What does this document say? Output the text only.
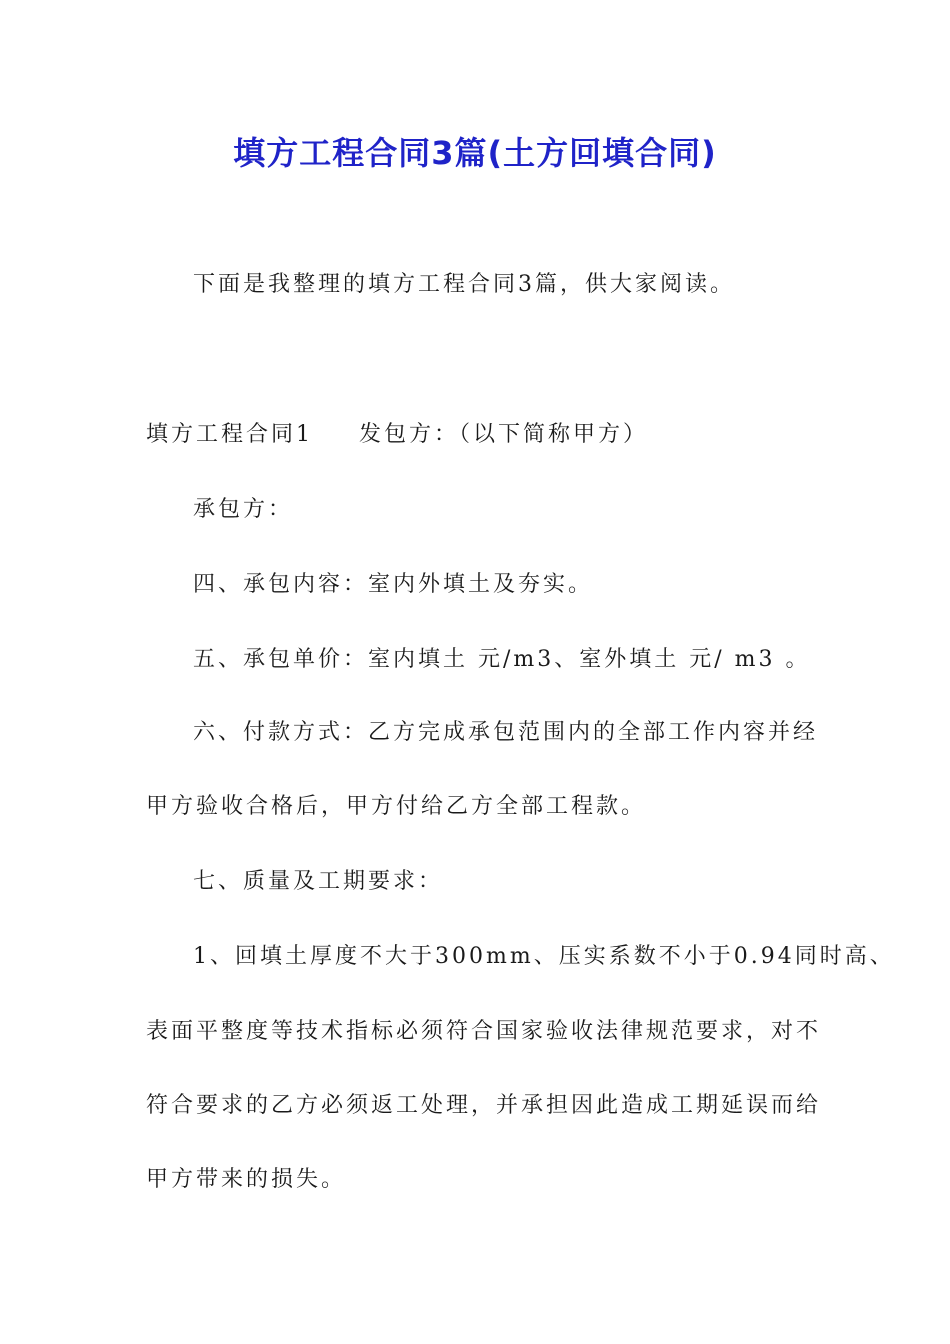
填方工程合同3篇(土方回填合同)
下面是我整理的填方工程合同3篇，供大家阅读。
填方工程合同1 发包方：（以下简称甲方）
承包方：
四、承包内容：室内外填土及夯实。
五、承包单价：室内填土 元/m3、室外填土 元/ m3 。
六、付款方式：乙方完成承包范围内的全部工作内容并经
甲方验收合格后，甲方付给乙方全部工程款。
七、质量及工期要求：
1、回填土厚度不大于300mm、压实系数不小于0.94同时高、
表面平整度等技术指标必须符合国家验收法律规范要求，对不
符合要求的乙方必须返工处理，并承担因此造成工期延误而给
甲方带来的损失。
